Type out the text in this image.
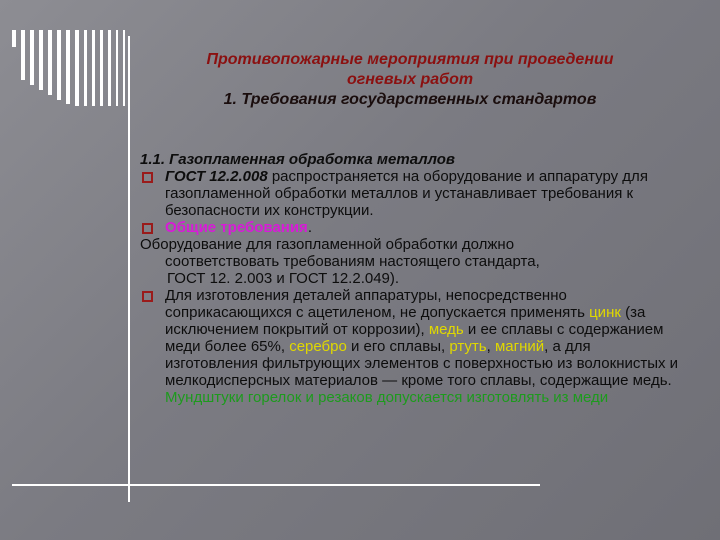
Противопожарные мероприятия при проведении
огневых работ
1. Требования государственных стандартов

1.1. Газопламенная обработка металлов

ГОСТ 12.2.008 распространяется на оборудование и аппаратуру для газопламенной обработки металлов и устанавливает требования к безопасности их конструкции.

Общие требования.

Оборудование для газопламенной обработки должно
соответствовать требованиям настоящего стандарта,
ГОСТ 12. 2.003 и ГОСТ 12.2.049).

Для изготовления деталей аппаратуры, непосредственно соприкасающихся с ацетиленом, не допускается применять цинк (за исключением покрытий от коррозии), медь и ее сплавы с содержанием меди более 65%, серебро и его сплавы, ртуть, магний, а для изготовления фильтрующих элементов с поверхностью из волокнистых и мелкодисперсных материалов — кроме того сплавы, содержащие медь. Мундштуки горелок и резаков допускается изготовлять из меди
